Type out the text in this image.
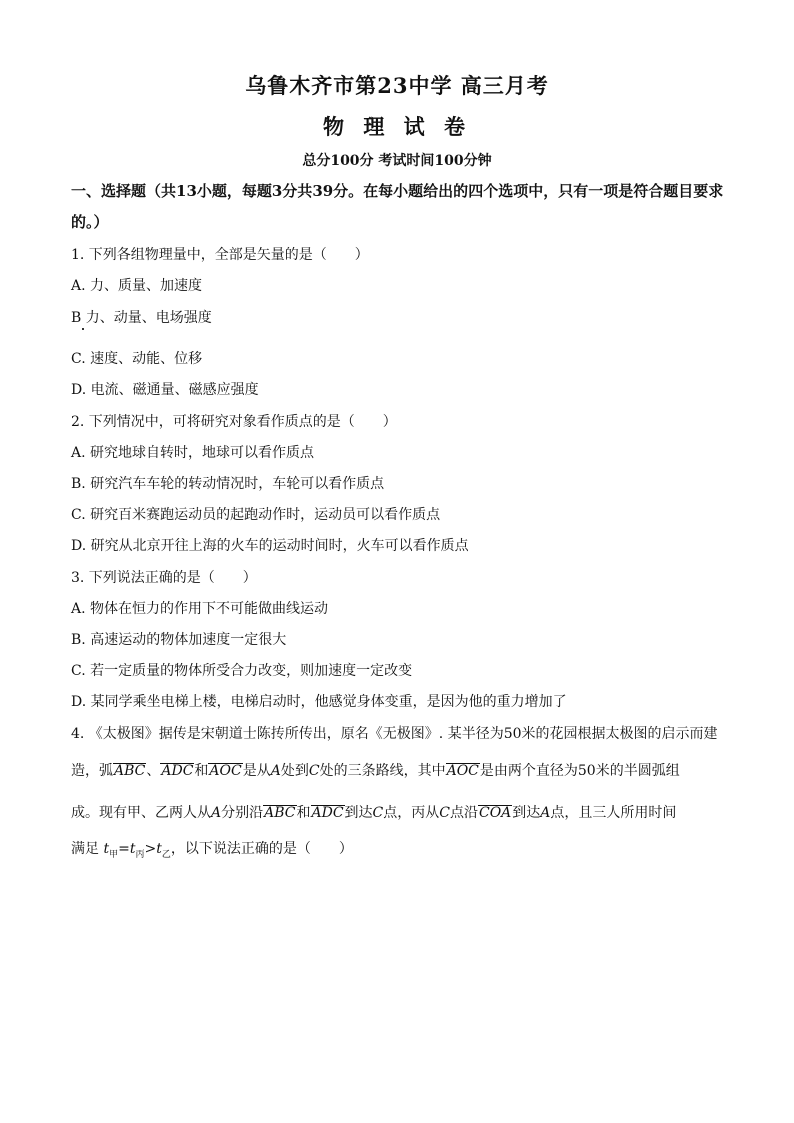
乌鲁木齐市第23中学 高三月考
物 理 试 卷
总分100分 考试时间100分钟
一、选择题（共13小题，每题3分共39分。在每小题给出的四个选项中，只有一项是符合题目要求的。）
1. 下列各组物理量中，全部是矢量的是（　　）
A. 力、质量、加速度
B 力、动量、电场强度
C. 速度、动能、位移
D. 电流、磁通量、磁感应强度
2. 下列情况中，可将研究对象看作质点的是（　　）
A. 研究地球自转时，地球可以看作质点
B. 研究汽车车轮的转动情况时，车轮可以看作质点
C. 研究百米赛跑运动员的起跑动作时，运动员可以看作质点
D. 研究从北京开往上海的火车的运动时间时，火车可以看作质点
3. 下列说法正确的是（　　）
A. 物体在恒力的作用下不可能做曲线运动
B. 高速运动的物体加速度一定很大
C. 若一定质量的物体所受合力改变，则加速度一定改变
D. 某同学乘坐电梯上楼，电梯启动时，他感觉身体变重，是因为他的重力增加了
4. 《太极图》据传是宋朝道士陈抟所传出，原名《无极图》. 某半径为50米的花园根据太极图的启示而建
造，弧ABC、ADC和AOC是从A处到C处的三条路线，其中AOC是由两个直径为50米的半圆弧组
成。现有甲、乙两人从A分别沿ABC和ADC到达C点，丙从C点沿COA到达A点，且三人所用时间
满足 $t_甲=t_丙>t_乙$，以下说法正确的是（　　）
